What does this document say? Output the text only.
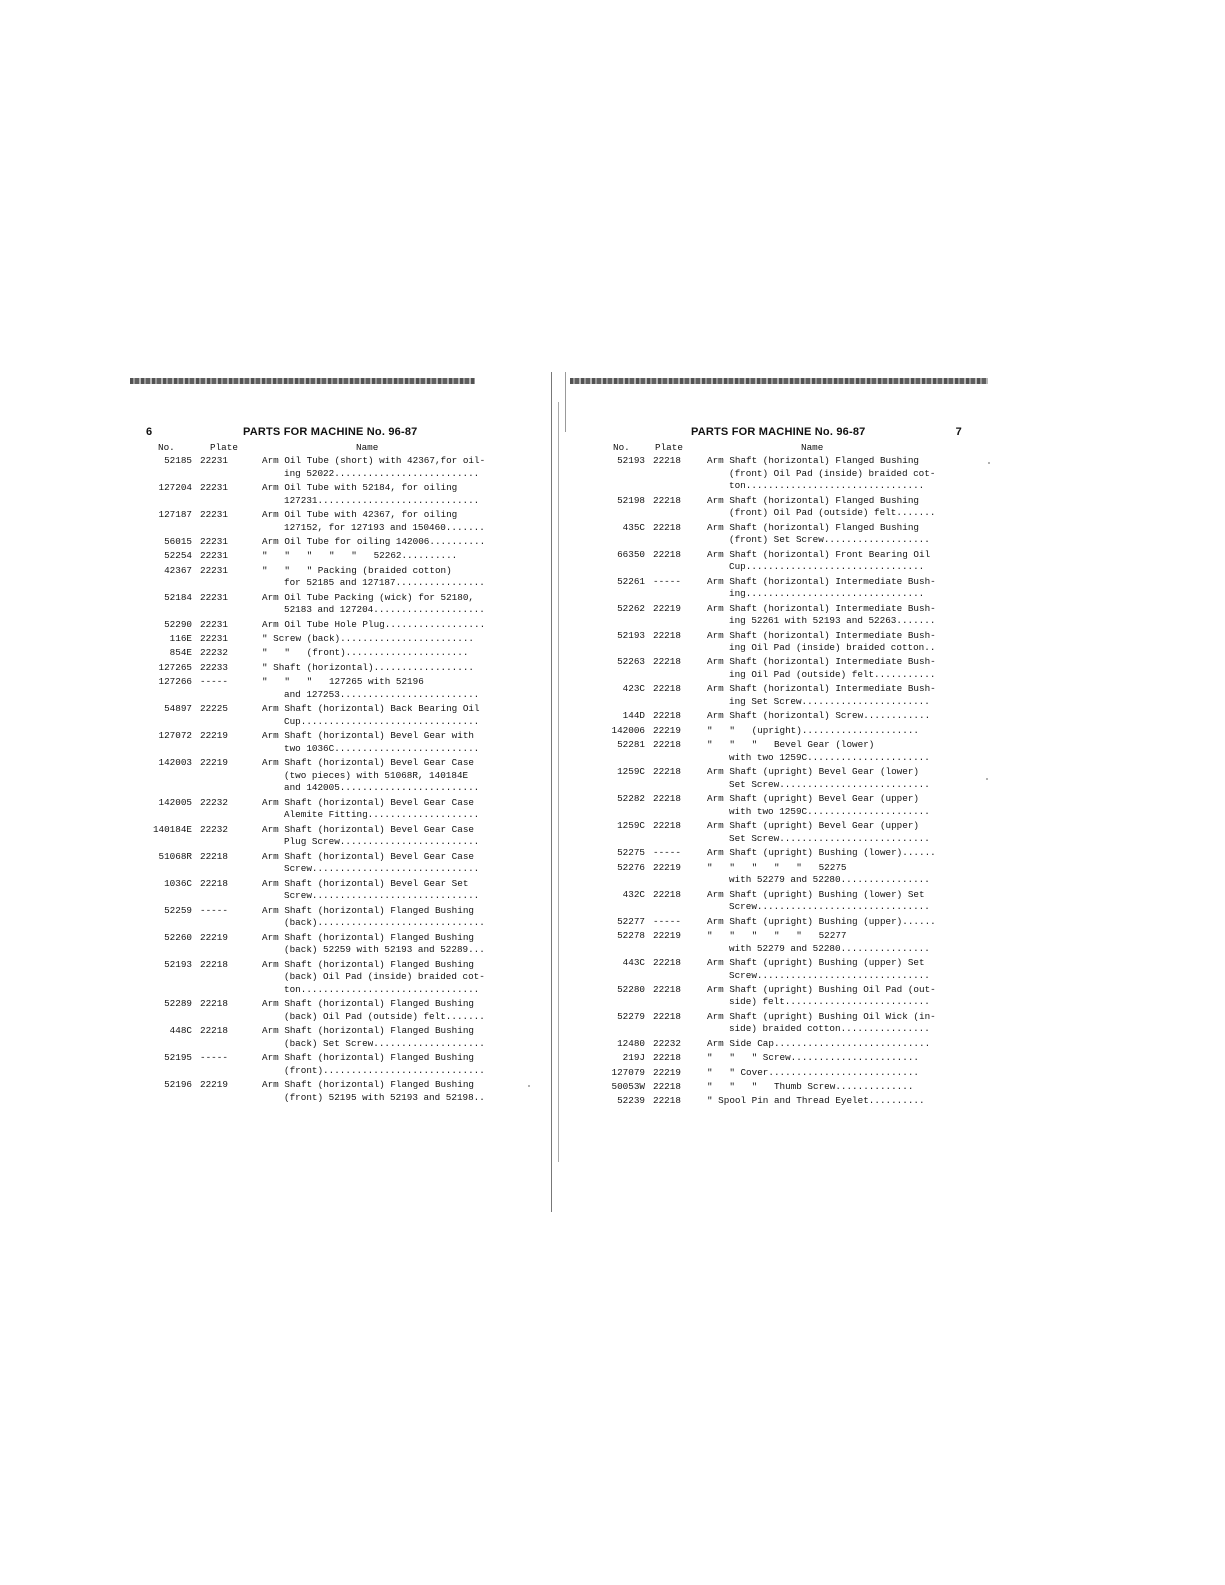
6	PARTS FOR MACHINE No. 96-87
No.	Plate	Name
52185 22231	Arm Oil Tube (short) with 42367,for oil-
ing 52022..........................
127204 22231	Arm Oil Tube with 52184, for oiling
127231.............................
127187 22231	Arm Oil Tube with 42367, for oiling
127152, for 127193 and 150460.......
56015 22231	Arm Oil Tube for oiling 142006..........
52254 22231	"   "   "   "   "   52262..........
42367 22231	"   "   " Packing (braided cotton)
for 52185 and 127187................
52184 22231	Arm Oil Tube Packing (wick) for 52180,
52183 and 127204....................
52290 22231	Arm Oil Tube Hole Plug..................
116E 22231	" Screw (back)........................
854E 22232	"   "   (front)......................
127265 22233	" Shaft (horizontal)..................
127266 -----	"   "   "   127265 with 52196
and 127253.........................
54897 22225	Arm Shaft (horizontal) Back Bearing Oil
Cup................................
127072 22219	Arm Shaft (horizontal) Bevel Gear with
two 1036C..........................
142003 22219	Arm Shaft (horizontal) Bevel Gear Case
(two pieces) with 51068R, 140184E
and 142005.........................
142005 22232	Arm Shaft (horizontal) Bevel Gear Case
Alemite Fitting....................
140184E 22232	Arm Shaft (horizontal) Bevel Gear Case
Plug Screw.........................
51068R 22218	Arm Shaft (horizontal) Bevel Gear Case
Screw..............................
1036C 22218	Arm Shaft (horizontal) Bevel Gear Set
Screw..............................
52259 -----	Arm Shaft (horizontal) Flanged Bushing
(back)..............................
52260 22219	Arm Shaft (horizontal) Flanged Bushing
(back) 52259 with 52193 and 52289...
52193 22218	Arm Shaft (horizontal) Flanged Bushing
(back) Oil Pad (inside) braided cot-
ton................................
52289 22218	Arm Shaft (horizontal) Flanged Bushing
(back) Oil Pad (outside) felt.......
448C 22218	Arm Shaft (horizontal) Flanged Bushing
(back) Set Screw....................
52195 -----	Arm Shaft (horizontal) Flanged Bushing
(front).............................
52196 22219	Arm Shaft (horizontal) Flanged Bushing
(front) 52195 with 52193 and 52198..
PARTS FOR MACHINE No. 96-87	7
No.	Plate	Name
52193 22218	Arm Shaft (horizontal) Flanged Bushing
(front) Oil Pad (inside) braided cot-
ton................................
52198 22218	Arm Shaft (horizontal) Flanged Bushing
(front) Oil Pad (outside) felt.......
435C 22218	Arm Shaft (horizontal) Flanged Bushing
(front) Set Screw...................
66350 22218	Arm Shaft (horizontal) Front Bearing Oil
Cup................................
52261 -----	Arm Shaft (horizontal) Intermediate Bush-
ing................................
52262 22219	Arm Shaft (horizontal) Intermediate Bush-
ing 52261 with 52193 and 52263.......
52193 22218	Arm Shaft (horizontal) Intermediate Bush-
ing Oil Pad (inside) braided cotton..
52263 22218	Arm Shaft (horizontal) Intermediate Bush-
ing Oil Pad (outside) felt...........
423C 22218	Arm Shaft (horizontal) Intermediate Bush-
ing Set Screw.......................
144D 22218	Arm Shaft (horizontal) Screw............
142006 22219	"   "   (upright).....................
52281 22218	"   "   "   Bevel Gear (lower)
with two 1259C......................
1259C 22218	Arm Shaft (upright) Bevel Gear (lower)
Set Screw...........................
52282 22218	Arm Shaft (upright) Bevel Gear (upper)
with two 1259C......................
1259C 22218	Arm Shaft (upright) Bevel Gear (upper)
Set Screw...........................
52275 -----	Arm Shaft (upright) Bushing (lower)......
52276 22219	"   "   "   "   "   52275
with 52279 and 52280................
432C 22218	Arm Shaft (upright) Bushing (lower) Set
Screw...............................
52277 -----	Arm Shaft (upright) Bushing (upper)......
52278 22219	"   "   "   "   "   52277
with 52279 and 52280................
443C 22218	Arm Shaft (upright) Bushing (upper) Set
Screw...............................
52280 22218	Arm Shaft (upright) Bushing Oil Pad (out-
side) felt..........................
52279 22218	Arm Shaft (upright) Bushing Oil Wick (in-
side) braided cotton................
12480 22232	Arm Side Cap............................
219J 22218	"   "   " Screw.......................
127079 22219	"   " Cover...........................
50053W 22218	"   "   "   Thumb Screw..............
52239 22218	" Spool Pin and Thread Eyelet..........
